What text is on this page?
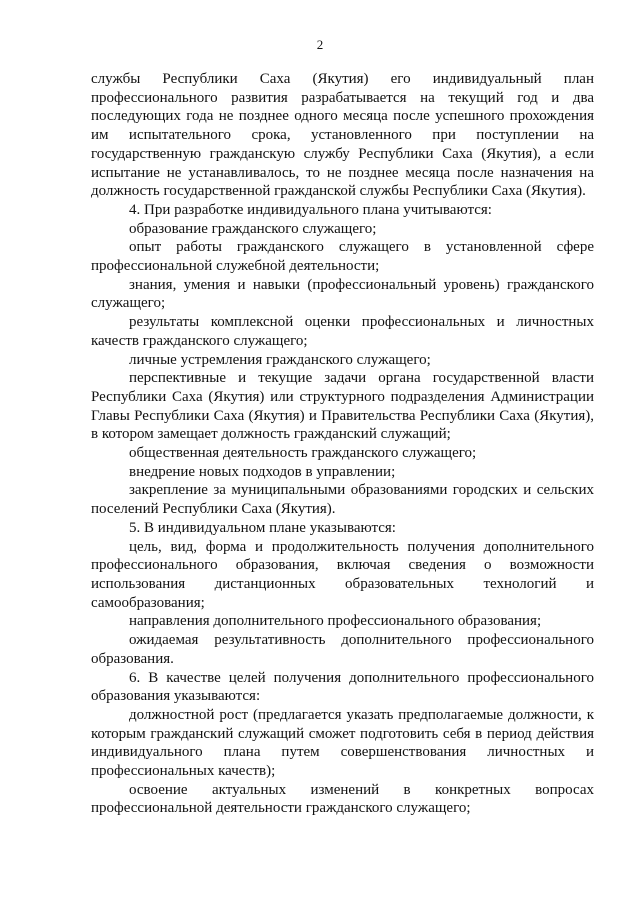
2

службы Республики Саха (Якутия) его индивидуальный план профессионального развития разрабатывается на текущий год и два последующих года не позднее одного месяца после успешного прохождения им испытательного срока, установленного при поступлении на государственную гражданскую службу Республики Саха (Якутия), а если испытание не устанавливалось, то не позднее месяца после назначения на должность государственной гражданской службы Республики Саха (Якутия).

4. При разработке индивидуального плана учитываются:

образование гражданского служащего;

опыт работы гражданского служащего в установленной сфере профессиональной служебной деятельности;

знания, умения и навыки (профессиональный уровень) гражданского служащего;

результаты комплексной оценки профессиональных и личностных качеств гражданского служащего;

личные устремления гражданского служащего;

перспективные и текущие задачи органа государственной власти Республики Саха (Якутия) или структурного подразделения Администрации Главы Республики Саха (Якутия) и Правительства Республики Саха (Якутия), в котором замещает должность гражданский служащий;

общественная деятельность гражданского служащего;

внедрение новых подходов в управлении;

закрепление за муниципальными образованиями городских и сельских поселений Республики Саха (Якутия).

5. В индивидуальном плане указываются:

цель, вид, форма и продолжительность получения дополнительного профессионального образования, включая сведения о возможности использования дистанционных образовательных технологий и самообразования;

направления дополнительного профессионального образования;

ожидаемая результативность дополнительного профессионального образования.

6. В качестве целей получения дополнительного профессионального образования указываются:

должностной рост (предлагается указать предполагаемые должности, к которым гражданский служащий сможет подготовить себя в период действия индивидуального плана путем совершенствования личностных и профессиональных качеств);

освоение актуальных изменений в конкретных вопросах профессиональной деятельности гражданского служащего;
